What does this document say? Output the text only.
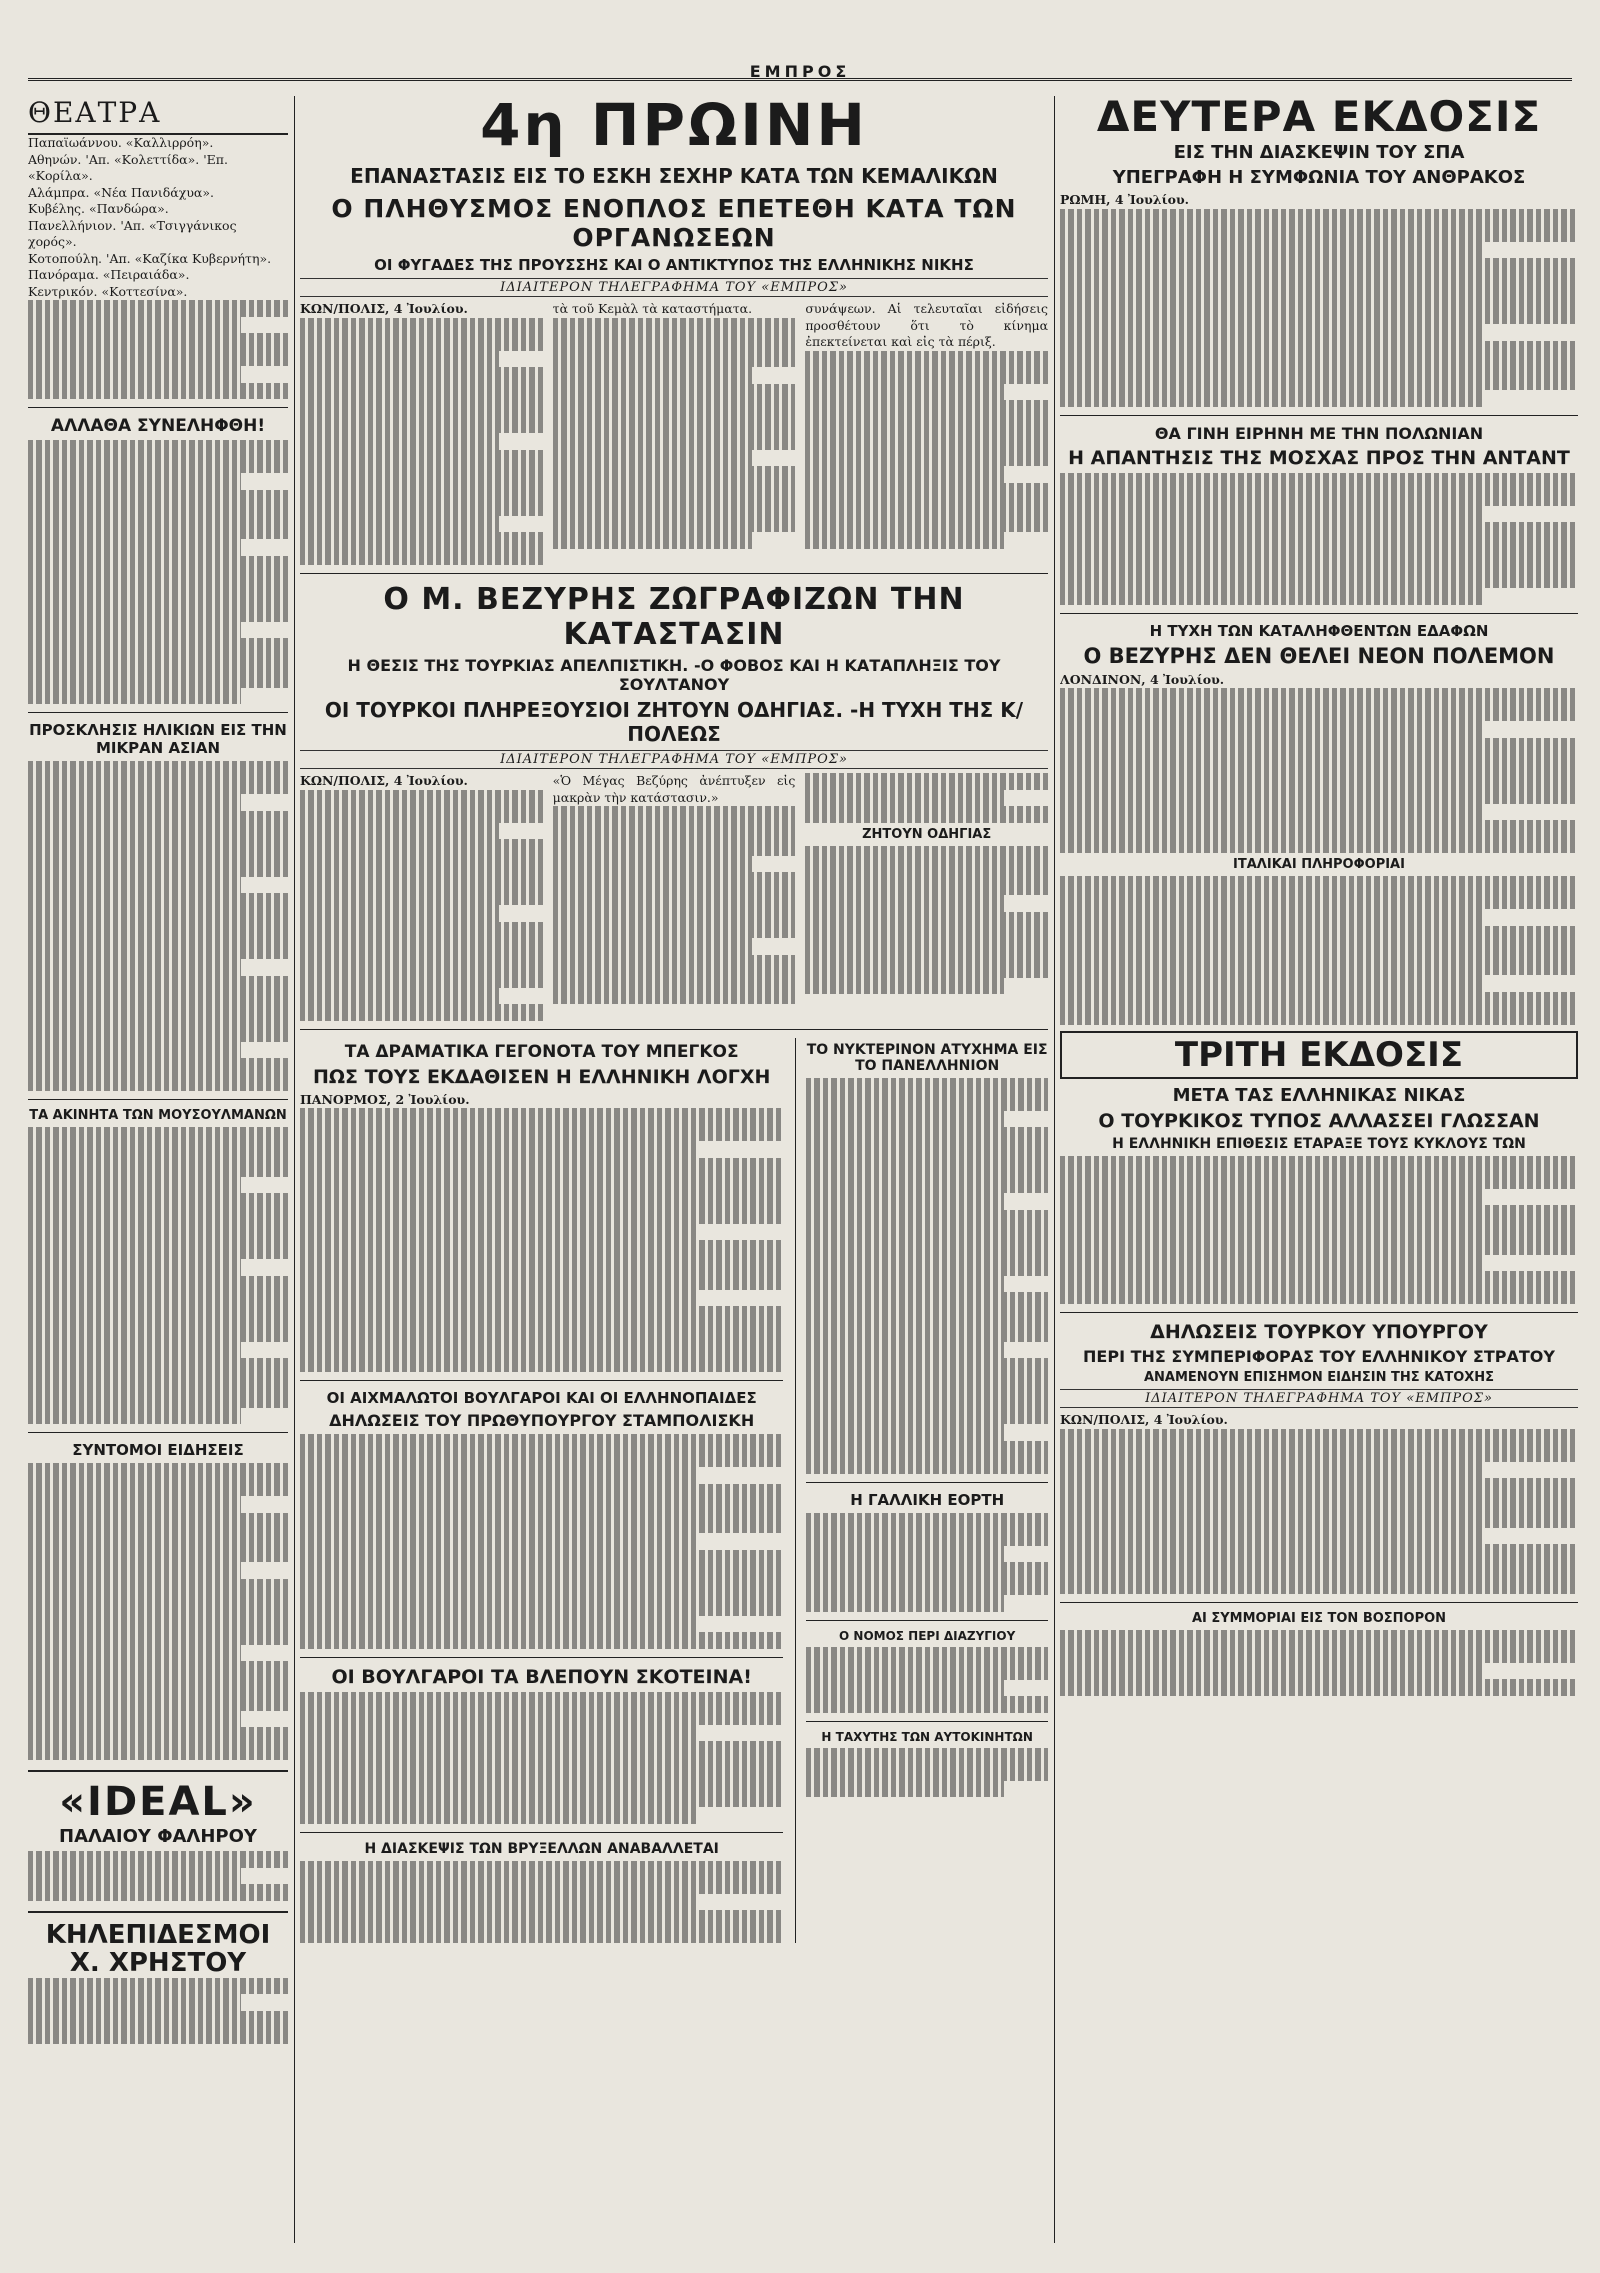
ΕΜΠΡΟΣ
ΘΕΑΤΡΑ

Παπαϊωάννου. «Καλλιρρόη».

Αθηνών. 'Απ. «Κολεττίδα». 'Επ. «Κορίλα».

Αλάμπρα. «Νέα Πανιδάχυα».

Κυβέλης. «Πανδώρα».

Πανελλήνιον. 'Απ. «Τσιγγάνικος χορός».

Κοτοπούλη. 'Απ. «Καζίκα Κυβερνήτη».

Πανόραμα. «Πειραιάδα».

Κεντρικόν. «Κοττεσίνα».

ΑΛΛΑΘΑ ΣΥΝΕΛΗΦΘΗ!
ΠΡΟΣΚΛΗΣΙΣ ΗΛΙΚΙΩΝ ΕΙΣ ΤΗΝ ΜΙΚΡΑΝ ΑΣΙΑΝ
ΤΑ ΑΚΙΝΗΤΑ ΤΩΝ ΜΟΥΣΟΥΛΜΑΝΩΝ
ΣΥΝΤΟΜΟΙ ΕΙΔΗΣΕΙΣ
«IDEAL»
ΠΑΛΑΙΟΥ ΦΑΛΗΡΟΥ
ΚΗΛΕΠΙΔΕΣΜΟΙ
Χ. ΧΡΗΣΤΟΥ
4η ΠΡΩΙΝΗ
ΕΠΑΝΑΣΤΑΣΙΣ ΕΙΣ ΤΟ ΕΣΚΗ ΣΕΧΗΡ ΚΑΤΑ ΤΩΝ ΚΕΜΑΛΙΚΩΝ
Ο ΠΛΗΘΥΣΜΟΣ ΕΝΟΠΛΟΣ ΕΠΕΤΕΘΗ ΚΑΤΑ ΤΩΝ ΟΡΓΑΝΩΣΕΩΝ
ΟΙ ΦΥΓΑΔΕΣ ΤΗΣ ΠΡΟΥΣΣΗΣ ΚΑΙ Ο ΑΝΤΙΚΤΥΠΟΣ ΤΗΣ ΕΛΛΗΝΙΚΗΣ ΝΙΚΗΣ
ΙΔΙΑΙΤΕΡΟΝ ΤΗΛΕΓΡΑΦΗΜΑ ΤΟΥ «ΕΜΠΡΟΣ»

ΚΩΝ/ΠΟΛΙΣ, 4 Ἰουλίου.	τὰ τοῦ Κεμὰλ τὰ καταστήματα.	συνάψεων. Αἱ τελευταῖαι εἰδήσεις προσθέτουν ὅτι τὸ κίνημα ἐπεκτείνεται καὶ εἰς τὰ πέριξ.

Ο Μ. ΒΕΖΥΡΗΣ ΖΩΓΡΑΦΙΖΩΝ ΤΗΝ ΚΑΤΑΣΤΑΣΙΝ
Η ΘΕΣΙΣ ΤΗΣ ΤΟΥΡΚΙΑΣ ΑΠΕΛΠΙΣΤΙΚΗ. -Ο ΦΟΒΟΣ ΚΑΙ Η ΚΑΤΑΠΛΗΞΙΣ ΤΟΥ ΣΟΥΛΤΑΝΟΥ
ΟΙ ΤΟΥΡΚΟΙ ΠΛΗΡΕΞΟΥΣΙΟΙ ΖΗΤΟΥΝ ΟΔΗΓΙΑΣ. -Η ΤΥΧΗ ΤΗΣ Κ/ΠΟΛΕΩΣ
ΙΔΙΑΙΤΕΡΟΝ ΤΗΛΕΓΡΑΦΗΜΑ ΤΟΥ «ΕΜΠΡΟΣ»

ΚΩΝ/ΠΟΛΙΣ, 4 Ἰουλίου.	«Ὁ Μέγας Βεζύρης ἀνέπτυξεν εἰς μακρὰν τὴν κατάστασιν.»

ΖΗΤΟΥΝ ΟΔΗΓΙΑΣ
ΤΑ ΔΡΑΜΑΤΙΚΑ ΓΕΓΟΝΟΤΑ ΤΟΥ ΜΠΕΓΚΟΣ
ΠΩΣ ΤΟΥΣ ΕΚΔΑΘΙΣΕΝ Η ΕΛΛΗΝΙΚΗ ΛΟΓΧΗ

ΠΑΝΟΡΜΟΣ, 2 Ἰουλίου.

ΟΙ ΑΙΧΜΑΛΩΤΟΙ ΒΟΥΛΓΑΡΟΙ ΚΑΙ ΟΙ ΕΛΛΗΝΟΠΑΙΔΕΣ
ΔΗΛΩΣΕΙΣ ΤΟΥ ΠΡΩΘΥΠΟΥΡΓΟΥ ΣΤΑΜΠΟΛΙΣΚΗ
ΟΙ ΒΟΥΛΓΑΡΟΙ ΤΑ ΒΛΕΠΟΥΝ ΣΚΟΤΕΙΝΑ!
Η ΔΙΑΣΚΕΨΙΣ ΤΩΝ ΒΡΥΞΕΛΛΩΝ ΑΝΑΒΑΛΛΕΤΑΙ
ΤΟ ΝΥΚΤΕΡΙΝΟΝ ΑΤΥΧΗΜΑ ΕΙΣ ΤΟ ΠΑΝΕΛΛΗΝΙΟΝ
Η ΓΑΛΛΙΚΗ ΕΟΡΤΗ
Ο ΝΟΜΟΣ ΠΕΡΙ ΔΙΑΖΥΓΙΟΥ
Η ΤΑΧΥΤΗΣ ΤΩΝ ΑΥΤΟΚΙΝΗΤΩΝ
ΔΕΥΤΕΡΑ ΕΚΔΟΣΙΣ
ΕΙΣ ΤΗΝ ΔΙΑΣΚΕΨΙΝ ΤΟΥ ΣΠΑ
ΥΠΕΓΡΑΦΗ Η ΣΥΜΦΩΝΙΑ ΤΟΥ ΑΝΘΡΑΚΟΣ

ΡΩΜΗ, 4 Ἰουλίου.

ΘΑ ΓΙΝΗ ΕΙΡΗΝΗ ΜΕ ΤΗΝ ΠΟΛΩΝΙΑΝ
Η ΑΠΑΝΤΗΣΙΣ ΤΗΣ ΜΟΣΧΑΣ ΠΡΟΣ ΤΗΝ ΑΝΤΑΝΤ
Η ΤΥΧΗ ΤΩΝ ΚΑΤΑΛΗΦΘΕΝΤΩΝ ΕΔΑΦΩΝ
Ο ΒΕΖΥΡΗΣ ΔΕΝ ΘΕΛΕΙ ΝΕΟΝ ΠΟΛΕΜΟΝ

ΛΟΝΔΙΝΟΝ, 4 Ἰουλίου.

ΙΤΑΛΙΚΑΙ ΠΛΗΡΟΦΟΡΙΑΙ
ΤΡΙΤΗ ΕΚΔΟΣΙΣ
ΜΕΤΑ ΤΑΣ ΕΛΛΗΝΙΚΑΣ ΝΙΚΑΣ
Ο ΤΟΥΡΚΙΚΟΣ ΤΥΠΟΣ ΑΛΛΑΣΣΕΙ ΓΛΩΣΣΑΝ
Η ΕΛΛΗΝΙΚΗ ΕΠΙΘΕΣΙΣ ΕΤΑΡΑΞΕ ΤΟΥΣ ΚΥΚΛΟΥΣ ΤΩΝ
ΔΗΛΩΣΕΙΣ ΤΟΥΡΚΟΥ ΥΠΟΥΡΓΟΥ
ΠΕΡΙ ΤΗΣ ΣΥΜΠΕΡΙΦΟΡΑΣ ΤΟΥ ΕΛΛΗΝΙΚΟΥ ΣΤΡΑΤΟΥ
ΑΝΑΜΕΝΟΥΝ ΕΠΙΣΗΜΟΝ ΕΙΔΗΣΙΝ ΤΗΣ ΚΑΤΟΧΗΣ
ΙΔΙΑΙΤΕΡΟΝ ΤΗΛΕΓΡΑΦΗΜΑ ΤΟΥ «ΕΜΠΡΟΣ»

ΚΩΝ/ΠΟΛΙΣ, 4 Ἰουλίου.

ΑΙ ΣΥΜΜΟΡΙΑΙ ΕΙΣ ΤΟΝ ΒΟΣΠΟΡΟΝ
